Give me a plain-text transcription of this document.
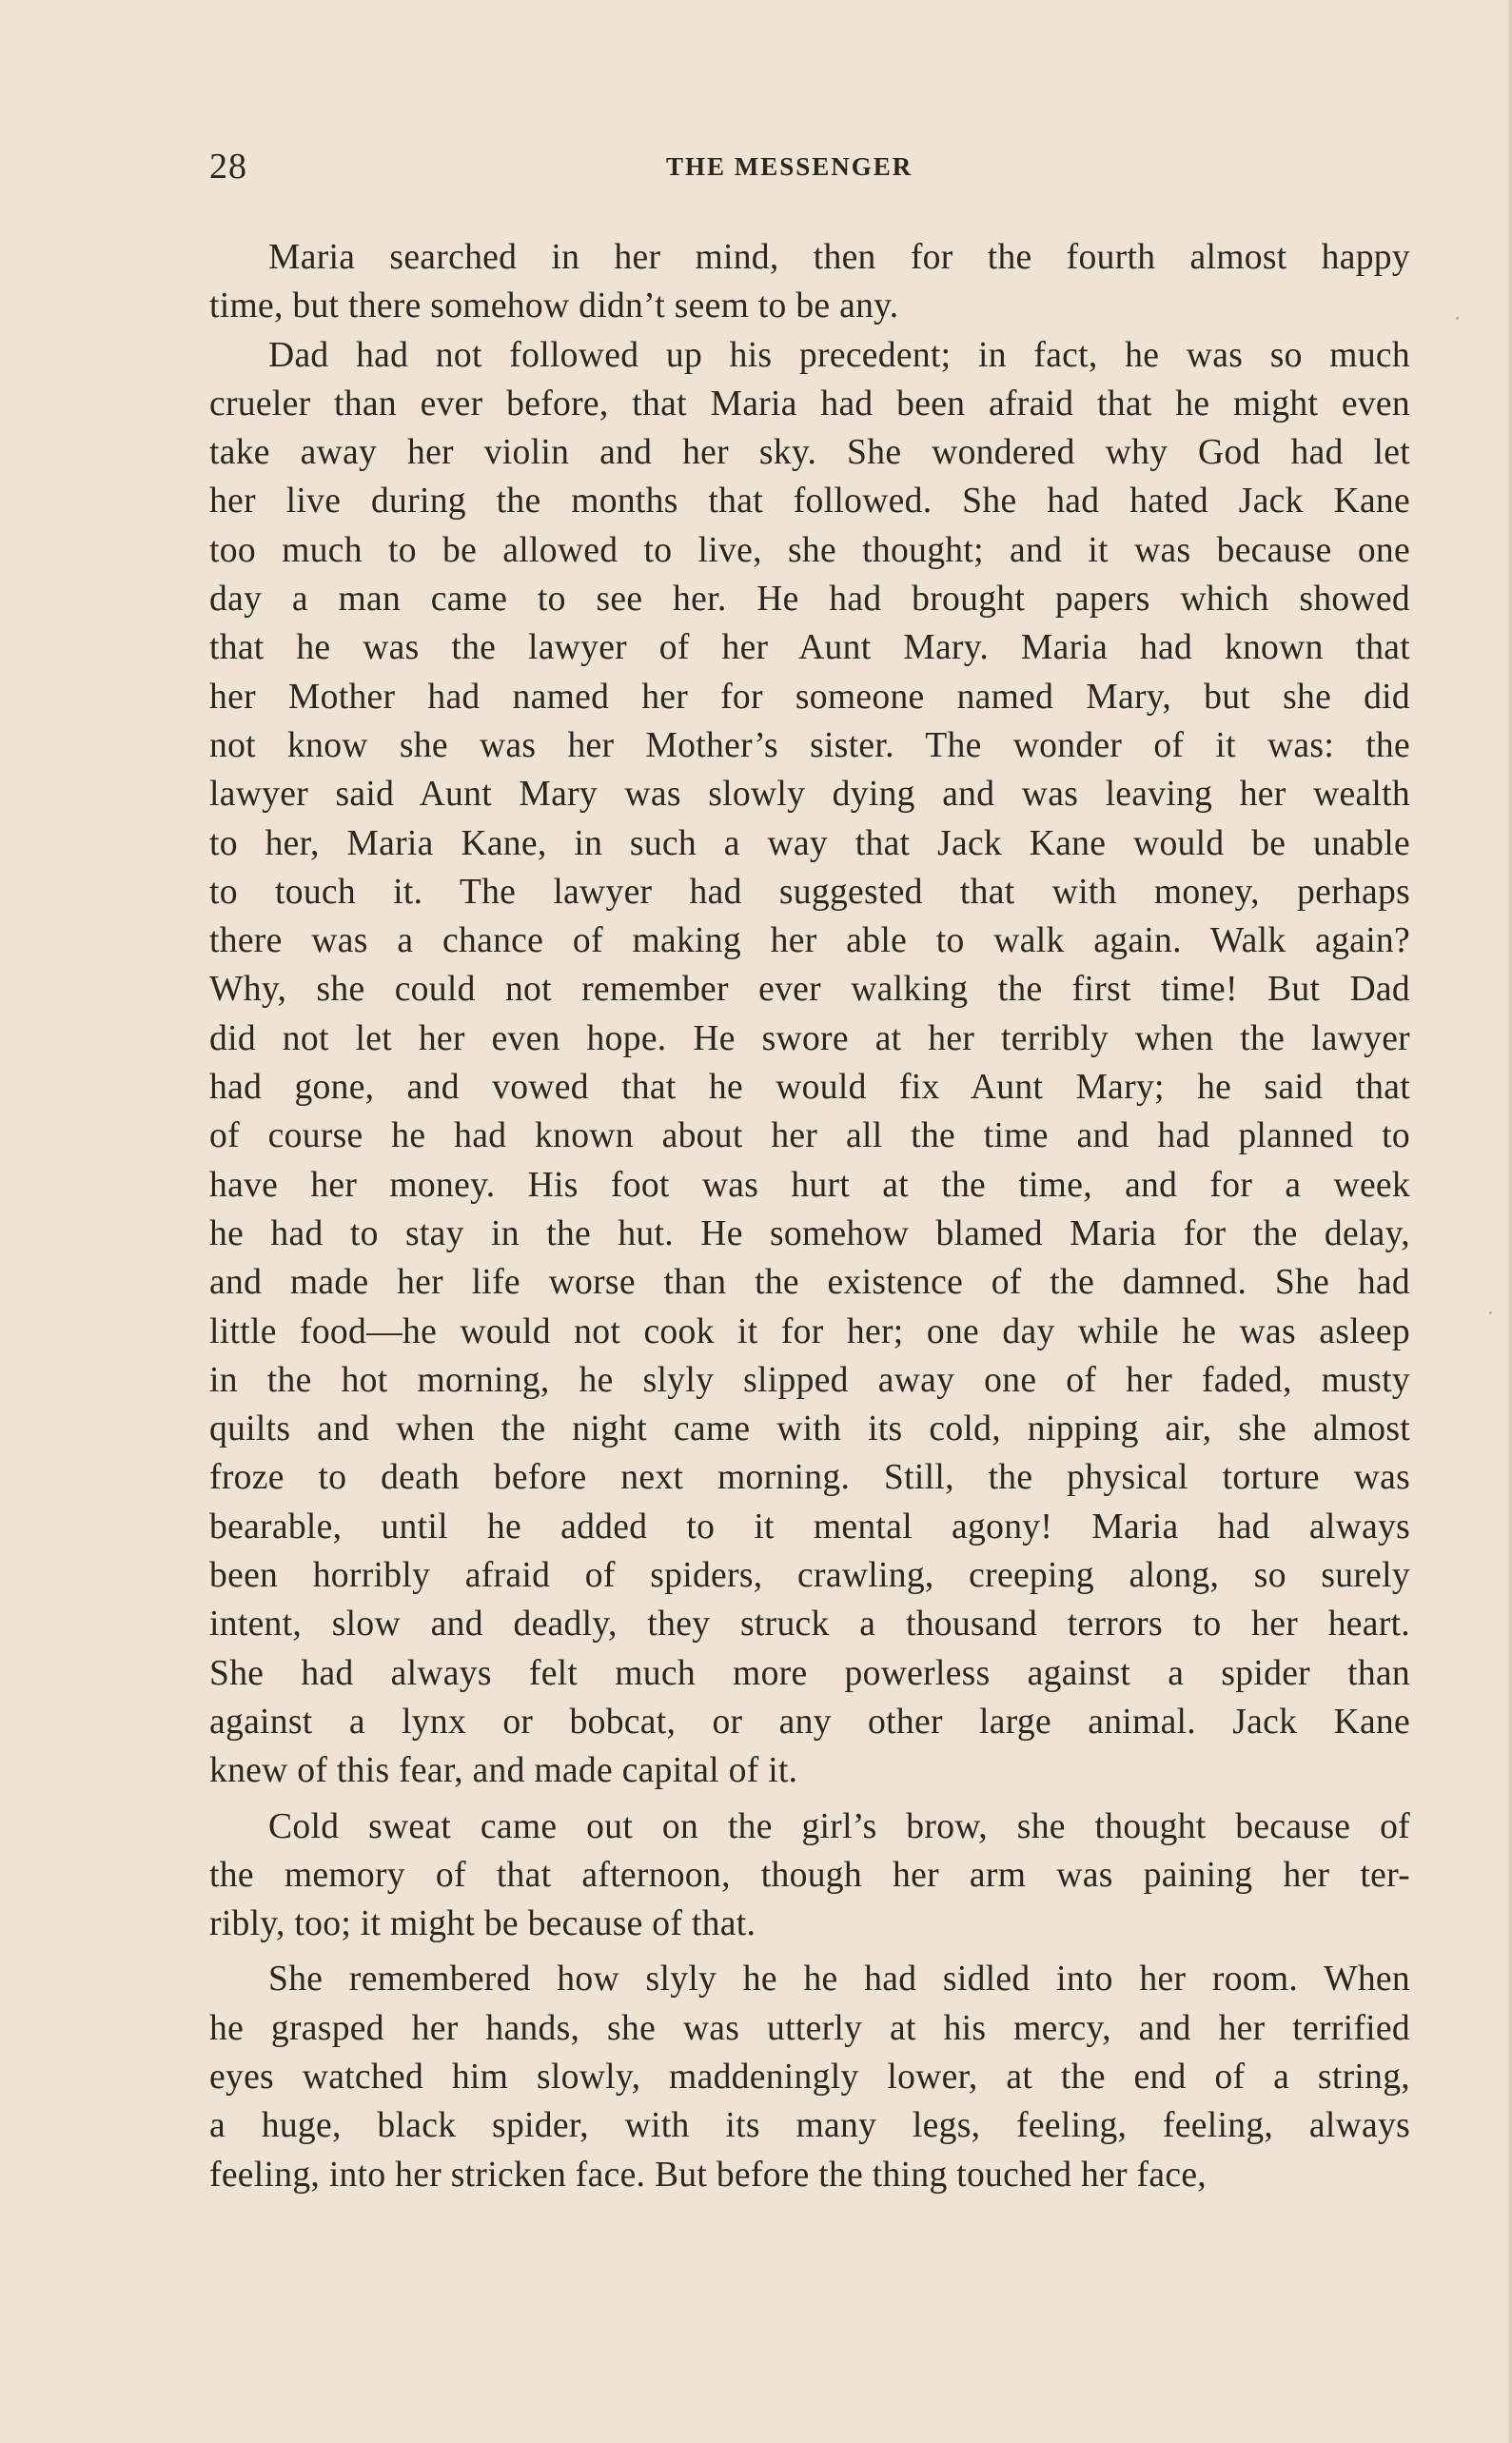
28	THE MESSENGER

Maria searched in her mind, then for the fourth almost happy
time, but there somehow didn’t seem to be any.

Dad had not followed up his precedent; in fact, he was so much
crueler than ever before, that Maria had been afraid that he might even
take away her violin and her sky. She wondered why God had let
her live during the months that followed. She had hated Jack Kane
too much to be allowed to live, she thought; and it was because one
day a man came to see her. He had brought papers which showed
that he was the lawyer of her Aunt Mary. Maria had known that
her Mother had named her for someone named Mary, but she did
not know she was her Mother’s sister. The wonder of it was: the
lawyer said Aunt Mary was slowly dying and was leaving her wealth
to her, Maria Kane, in such a way that Jack Kane would be unable
to touch it. The lawyer had suggested that with money, perhaps
there was a chance of making her able to walk again. Walk again?
Why, she could not remember ever walking the first time! But Dad
did not let her even hope. He swore at her terribly when the lawyer
had gone, and vowed that he would fix Aunt Mary; he said that
of course he had known about her all the time and had planned to
have her money. His foot was hurt at the time, and for a week
he had to stay in the hut. He somehow blamed Maria for the delay,
and made her life worse than the existence of the damned. She had
little food—he would not cook it for her; one day while he was asleep
in the hot morning, he slyly slipped away one of her faded, musty
quilts and when the night came with its cold, nipping air, she almost
froze to death before next morning. Still, the physical torture was
bearable, until he added to it mental agony! Maria had always
been horribly afraid of spiders, crawling, creeping along, so surely
intent, slow and deadly, they struck a thousand terrors to her heart.
She had always felt much more powerless against a spider than
against a lynx or bobcat, or any other large animal. Jack Kane
knew of this fear, and made capital of it.

Cold sweat came out on the girl’s brow, she thought because of
the memory of that afternoon, though her arm was paining her ter-
ribly, too; it might be because of that.

She remembered how slyly he he had sidled into her room. When
he grasped her hands, she was utterly at his mercy, and her terrified
eyes watched him slowly, maddeningly lower, at the end of a string,
a huge, black spider, with its many legs, feeling, feeling, always
feeling, into her stricken face. But before the thing touched her face,
